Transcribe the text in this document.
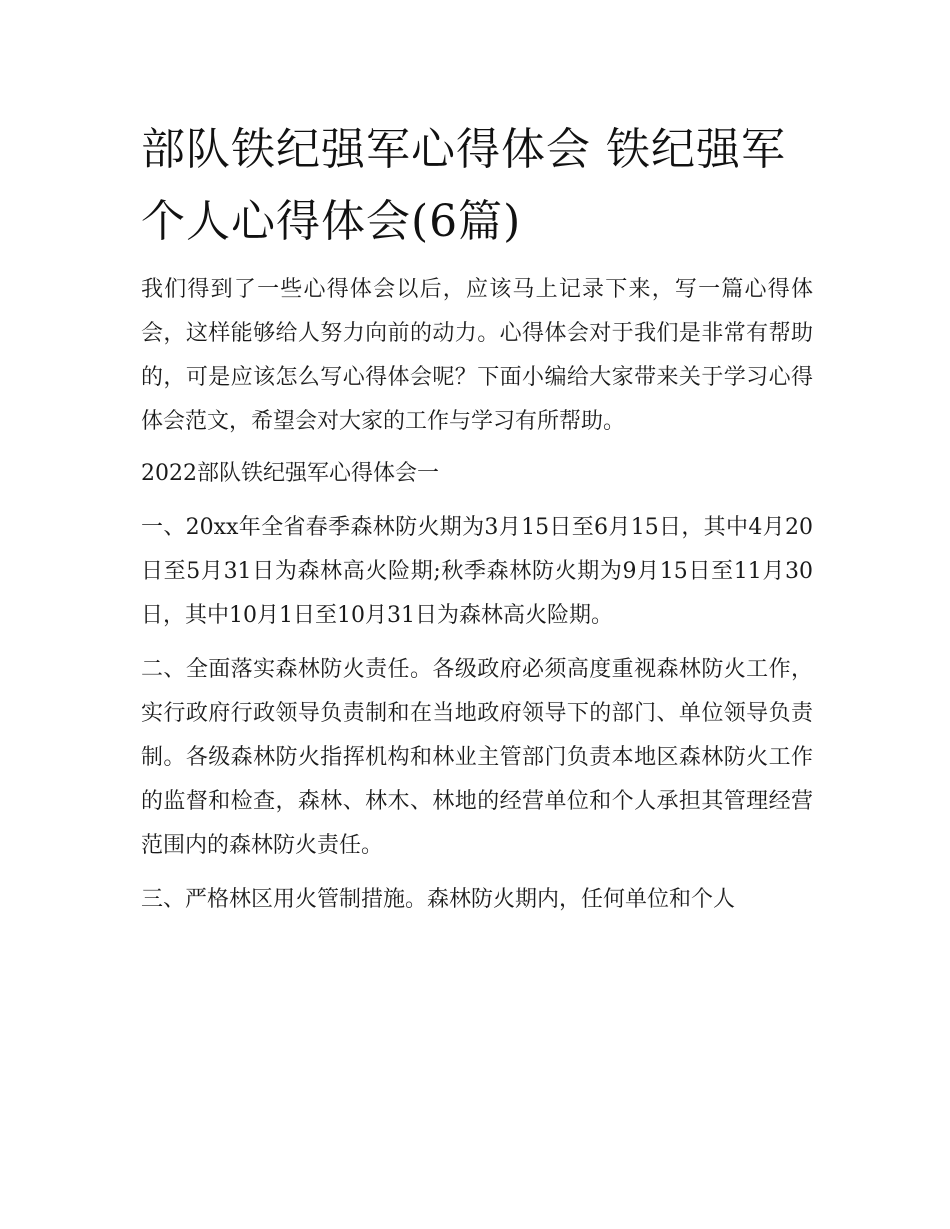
部队铁纪强军心得体会 铁纪强军个人心得体会(6篇)

我们得到了一些心得体会以后，应该马上记录下来，写一篇心得体会，这样能够给人努力向前的动力。心得体会对于我们是非常有帮助的，可是应该怎么写心得体会呢？下面小编给大家带来关于学习心得体会范文，希望会对大家的工作与学习有所帮助。

2022部队铁纪强军心得体会一

一、20xx年全省春季森林防火期为3月15日至6月15日，其中4月20日至5月31日为森林高火险期;秋季森林防火期为9月15日至11月30日，其中10月1日至10月31日为森林高火险期。

二、全面落实森林防火责任。各级政府必须高度重视森林防火工作，实行政府行政领导负责制和在当地政府领导下的部门、单位领导负责制。各级森林防火指挥机构和林业主管部门负责本地区森林防火工作的监督和检查，森林、林木、林地的经营单位和个人承担其管理经营范围内的森林防火责任。

三、严格林区用火管制措施。森林防火期内，任何单位和个人
